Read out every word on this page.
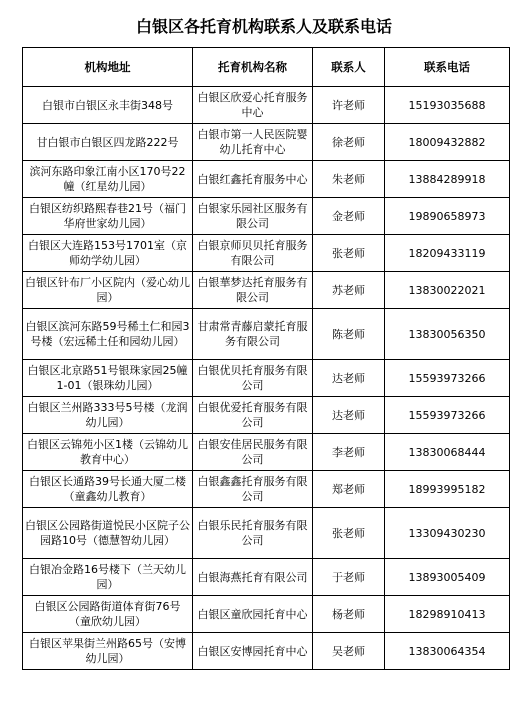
白银区各托育机构联系人及联系电话
机构地址	托育机构名称	联系人	联系电话
白银市白银区永丰街348号	白银区欣爱心托育服务中心	许老师	15193035688
甘白银市白银区四龙路222号	白银市第一人民医院婴幼儿托育中心	徐老师	18009432882
滨河东路印象江南小区170号22幢（红星幼儿园）	白银红鑫托育服务中心	朱老师	13884289918
白银区纺织路熙春巷21号（福门华府世家幼儿园）	白银家乐园社区服务有限公司	金老师	19890658973
白银区大连路153号1701室（京师幼学幼儿园）	白银京师贝贝托育服务有限公司	张老师	18209433119
白银区针布厂小区院内（爱心幼儿园）	白银華梦达托育服务有限公司	苏老师	13830022021
白银区滨河东路59号稀土仁和园3号楼（宏远稀土任和园幼儿园）	甘肃常青藤启蒙托育服务有限公司	陈老师	13830056350
白银区北京路51号银珠家园25幢1-01（银珠幼儿园）	白银优贝托育服务有限公司	达老师	15593973266
白银区兰州路333号5号楼（龙润幼儿园）	白银优爱托育服务有限公司	达老师	15593973266
白银区云锦苑小区1楼（云锦幼儿教育中心）	白银安佳居民服务有限公司	李老师	13830068444
白银区长通路39号长通大厦二楼　（童鑫幼儿教育）	白银鑫鑫托育服务有限公司	郑老师	18993995182
白银区公园路街道悦民小区院子公园路10号（德慧智幼儿园）	白银乐民托育服务有限公司	张老师	13309430230
白银冶金路16号楼下（兰天幼儿园）	白银海燕托育有限公司	于老师	13893005409
白银区公园路街道体育街76号（童欣幼儿园）	白银区童欣园托育中心	杨老师	18298910413
白银区苹果街兰州路65号（安博幼儿园）	白银区安博园托育中心	吴老师	13830064354
